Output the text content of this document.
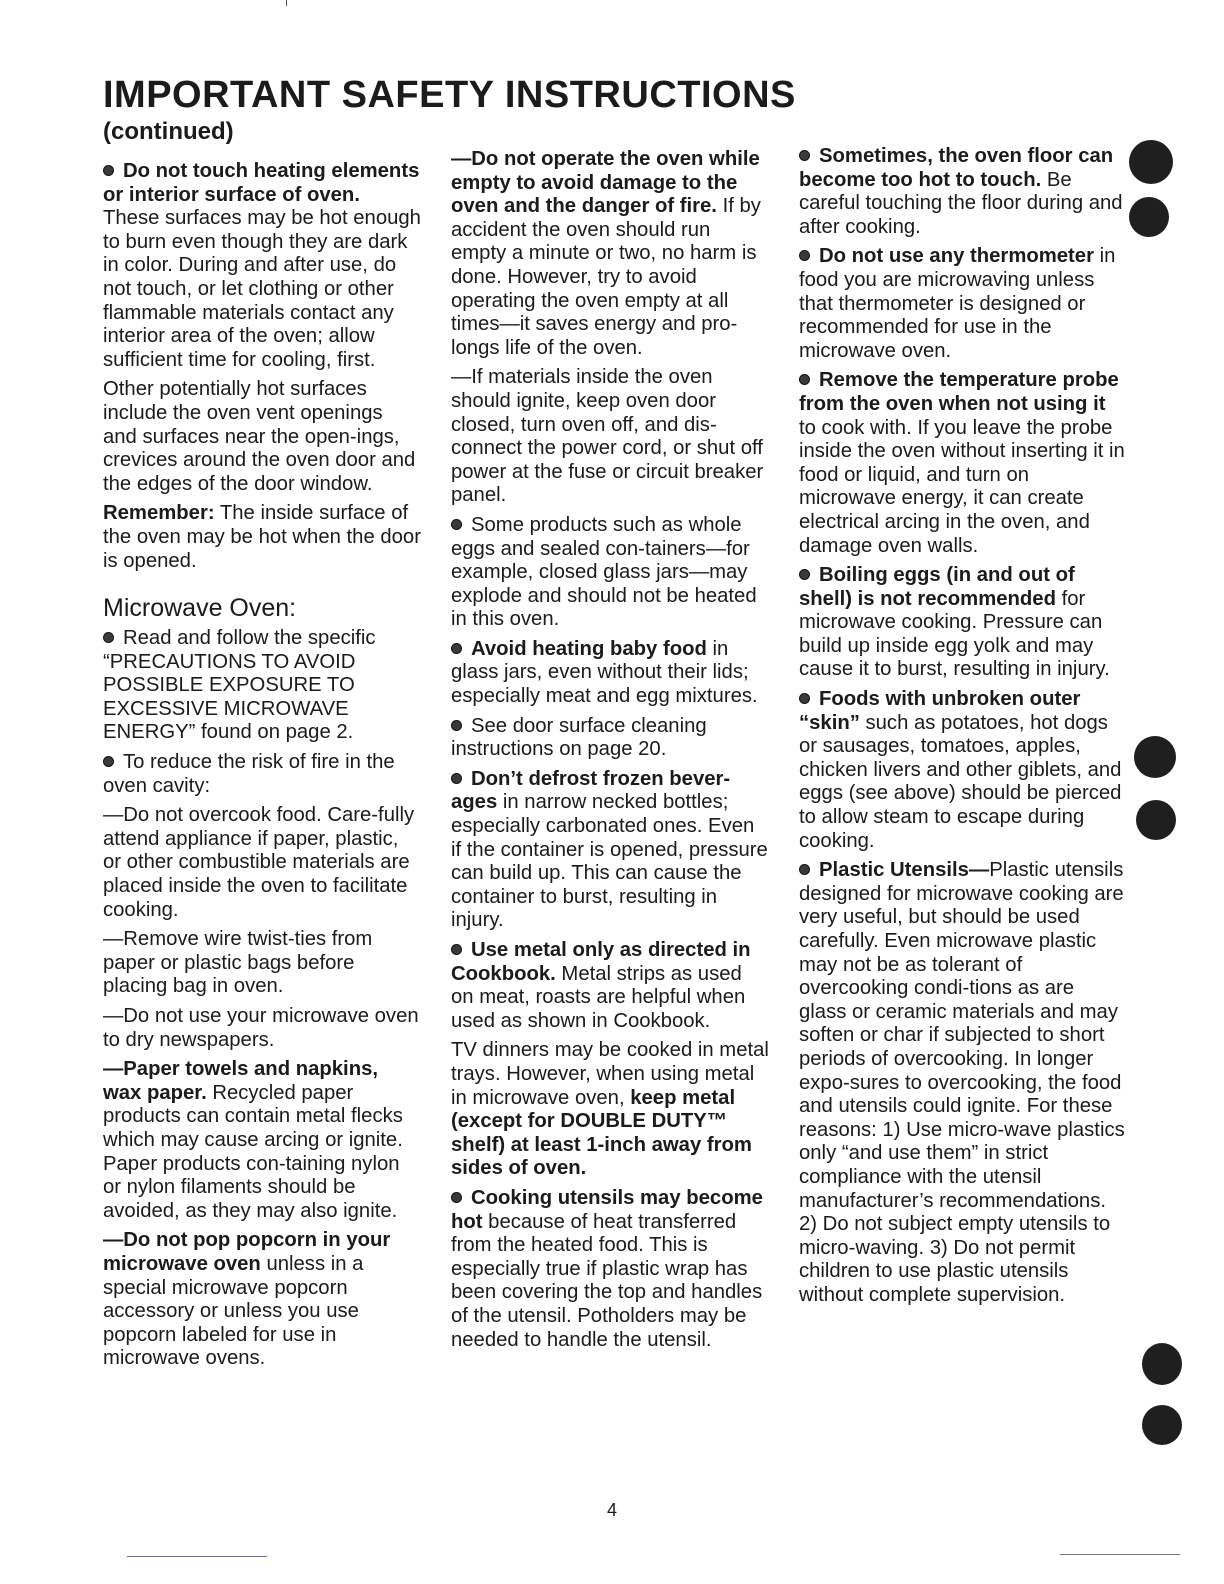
IMPORTANT SAFETY INSTRUCTIONS
(continued)

Do not touch heating elements or interior surface of oven. These surfaces may be hot enough to burn even though they are dark in color. During and after use, do not touch, or let clothing or other flammable materials contact any interior area of the oven; allow sufficient time for cooling, first.

Other potentially hot surfaces include the oven vent openings and surfaces near the open-ings, crevices around the oven door and the edges of the door window.

Remember: The inside surface of the oven may be hot when the door is opened.

Microwave Oven:

Read and follow the specific “PRECAUTIONS TO AVOID POSSIBLE EXPOSURE TO EXCESSIVE MICROWAVE ENERGY” found on page 2.

To reduce the risk of fire in the oven cavity:

—Do not overcook food. Care-fully attend appliance if paper, plastic, or other combustible materials are placed inside the oven to facilitate cooking.

—Remove wire twist-ties from paper or plastic bags before placing bag in oven.

—Do not use your microwave oven to dry newspapers.

—Paper towels and napkins, wax paper. Recycled paper products can contain metal flecks which may cause arcing or ignite. Paper products con-taining nylon or nylon filaments should be avoided, as they may also ignite.

—Do not pop popcorn in your microwave oven unless in a special microwave popcorn accessory or unless you use popcorn labeled for use in microwave ovens.

—Do not operate the oven while empty to avoid damage to the oven and the danger of fire. If by accident the oven should run empty a minute or two, no harm is done. However, try to avoid operating the oven empty at all times—it saves energy and pro-longs life of the oven.

—If materials inside the oven should ignite, keep oven door closed, turn oven off, and dis-connect the power cord, or shut off power at the fuse or circuit breaker panel.

Some products such as whole eggs and sealed con-tainers—for example, closed glass jars—may explode and should not be heated in this oven.

Avoid heating baby food in glass jars, even without their lids; especially meat and egg mixtures.

See door surface cleaning instructions on page 20.

Don’t defrost frozen bever-ages in narrow necked bottles; especially carbonated ones. Even if the container is opened, pressure can build up. This can cause the container to burst, resulting in injury.

Use metal only as directed in Cookbook. Metal strips as used on meat, roasts are helpful when used as shown in Cookbook.

TV dinners may be cooked in metal trays. However, when using metal in microwave oven, keep metal (except for DOUBLE DUTY™ shelf) at least 1-inch away from sides of oven.

Cooking utensils may become hot because of heat transferred from the heated food. This is especially true if plastic wrap has been covering the top and handles of the utensil. Potholders may be needed to handle the utensil.

Sometimes, the oven floor can become too hot to touch. Be careful touching the floor during and after cooking.

Do not use any thermometer in food you are microwaving unless that thermometer is designed or recommended for use in the microwave oven.

Remove the temperature probe from the oven when not using it to cook with. If you leave the probe inside the oven without inserting it in food or liquid, and turn on microwave energy, it can create electrical arcing in the oven, and damage oven walls.

Boiling eggs (in and out of shell) is not recommended for microwave cooking. Pressure can build up inside egg yolk and may cause it to burst, resulting in injury.

Foods with unbroken outer “skin” such as potatoes, hot dogs or sausages, tomatoes, apples, chicken livers and other giblets, and eggs (see above) should be pierced to allow steam to escape during cooking.

Plastic Utensils—Plastic utensils designed for microwave cooking are very useful, but should be used carefully. Even microwave plastic may not be as tolerant of overcooking condi-tions as are glass or ceramic materials and may soften or char if subjected to short periods of overcooking. In longer expo-sures to overcooking, the food and utensils could ignite. For these reasons: 1) Use micro-wave plastics only “and use them” in strict compliance with the utensil manufacturer’s recommendations. 2) Do not subject empty utensils to micro-waving. 3) Do not permit children to use plastic utensils without complete supervision.

4
